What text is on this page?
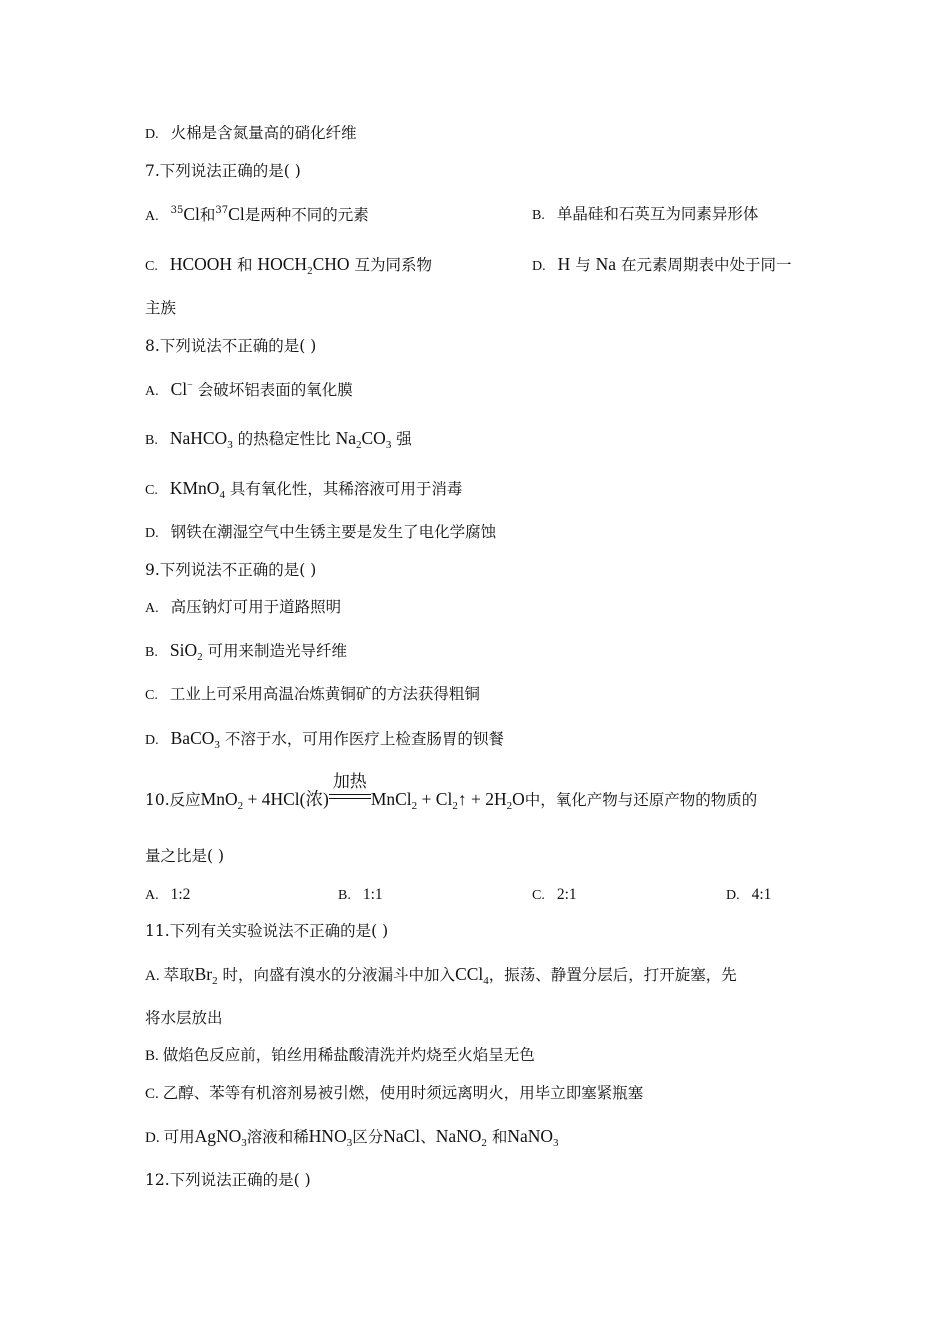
D. 火棉是含氮量高的硝化纤维
7.下列说法正确的是( )
A. $^{35}$Cl和$^{37}$Cl是两种不同的元素	B. 单晶硅和石英互为同素异形体
C. HCOOH 和 $HOCH_2CHO$ 互为同系物	D. H 与 Na 在元素周期表中处于同一
主族
8.下列说法不正确的是( )
A. Cl− 会破坏铝表面的氧化膜
B. NaHCO$_3$ 的热稳定性比 $Na_2CO_3$ 强
C. KMnO$_4$ 具有氧化性，其稀溶液可用于消毒
D. 钢铁在潮湿空气中生锈主要是发生了电化学腐蚀
9.下列说法不正确的是( )
A. 高压钠灯可用于道路照明
B. SiO$_2$ 可用来制造光导纤维
C. 工业上可采用高温冶炼黄铜矿的方法获得粗铜
D. BaCO$_3$ 不溶于水，可用作医疗上检查肠胃的钡餐
10.反应MnO$_2$ + 4HCl(浓)
加热
MnCl$_2$ + $Cl_2↑ + 2H_2O$中，氧化产物与还原产物的物质的
量之比是( )
A. 1:2	B. 1:1	C. 2:1	D. 4:1
11.下列有关实验说法不正确的是( )
A. 萃取$Br_2$ 时，向盛有溴水的分液漏斗中加入CCl$_4$，振荡、静置分层后，打开旋塞，先
将水层放出
B. 做焰色反应前，铂丝用稀盐酸清洗并灼烧至火焰呈无色
C. 乙醇、苯等有机溶剂易被引燃，使用时须远离明火，用毕立即塞紧瓶塞
D. 可用AgNO$_3$溶液和稀$HNO_3$区分NaCl、NaNO$_2$ 和NaNO$_3$
12.下列说法正确的是( )
